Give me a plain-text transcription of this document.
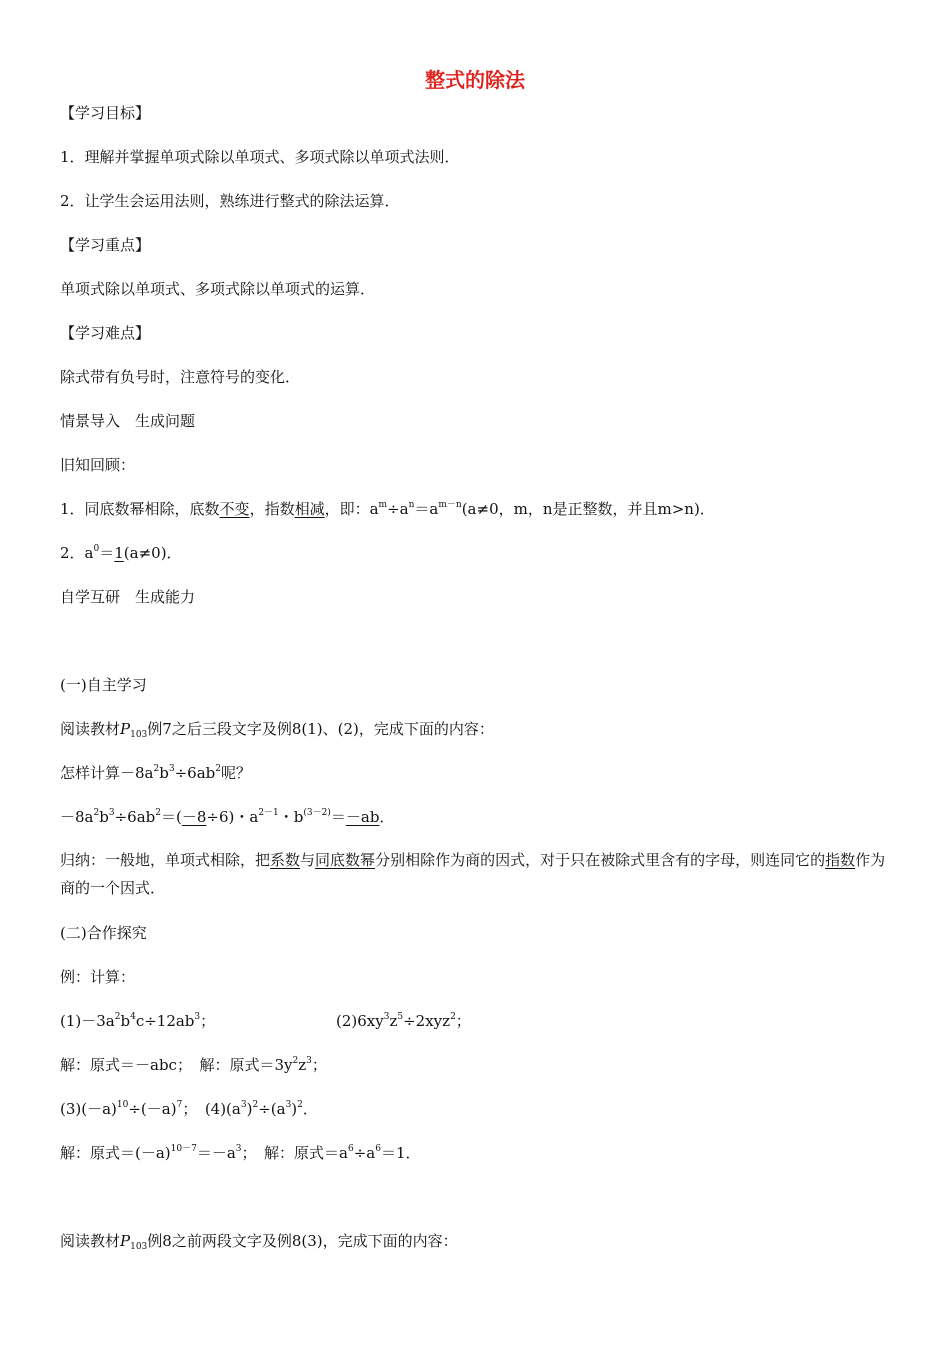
整式的除法
【学习目标】
1．理解并掌握单项式除以单项式、多项式除以单项式法则．
2．让学生会运用法则，熟练进行整式的除法运算．
【学习重点】
单项式除以单项式、多项式除以单项式的运算．
【学习难点】
除式带有负号时，注意符号的变化．
情景导入　生成问题
旧知回顾：
1．同底数幂相除，底数不变，指数相减，即：$a^m\div a^n=a^{m-n}(a\ne 0$，m，n是正整数，并且m>n)．
2．$a^0=1(a\ne 0)$．
自学互研　生成能力
(一)自主学习
阅读教材$P_{103}$例7之后三段文字及例8(1)、(2)，完成下面的内容：
怎样计算$-8a^2b^3\div 6ab^2$呢？
$-8a^2b^3\div 6ab^2=(-8\div 6)$・$a^{2-1}$・$b^{(3-2)}=-ab$．
归纳：一般地，单项式相除，把系数与同底数幂分别相除作为商的因式，对于只在被除式里含有的字母，则连同它的指数作为商的一个因式．
(二)合作探究
例：计算：
$(1)-3a^2b^4c\div 12ab^3$；	$(2)6xy^3z^5\div 2xyz^2$；
解：原式＝－abc；　解：原式$=3y^2z^3$；
$(3)(-a)^{10}\div(-a)^7$；　$(4)(a^3)^2\div(a^3)^2$．
解：原式$=(-a)^{10-7}=-a^3$；　解：原式$=a^6\div a^6=1$．
阅读教材$P_{103}$例8之前两段文字及例8(3)，完成下面的内容：
